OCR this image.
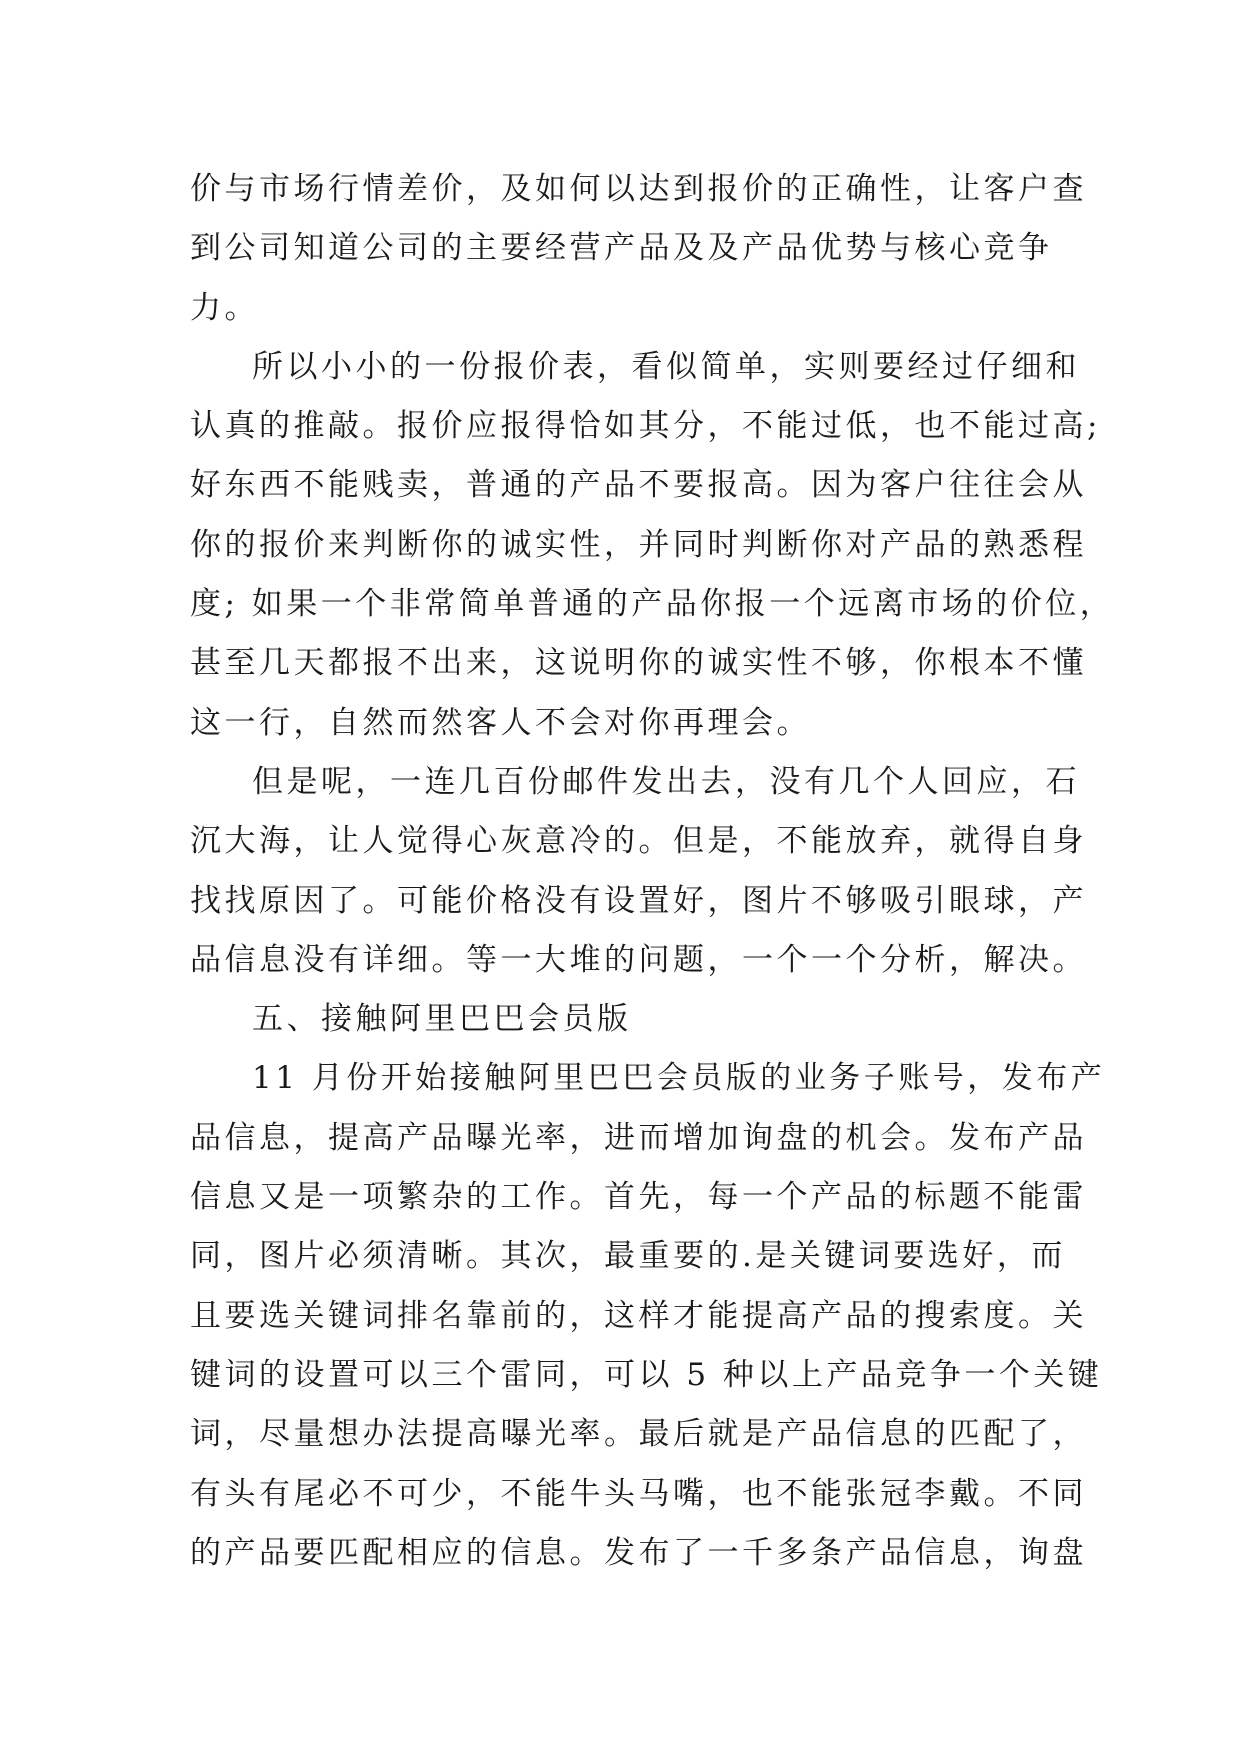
价与市场行情差价，及如何以达到报价的正确性，让客户查
到公司知道公司的主要经营产品及及产品优势与核心竞争
力。
所以小小的一份报价表，看似简单，实则要经过仔细和
认真的推敲。报价应报得恰如其分，不能过低，也不能过高;
好东西不能贱卖，普通的产品不要报高。因为客户往往会从
你的报价来判断你的诚实性，并同时判断你对产品的熟悉程
度; 如果一个非常简单普通的产品你报一个远离市场的价位，
甚至几天都报不出来，这说明你的诚实性不够，你根本不懂
这一行，自然而然客人不会对你再理会。
但是呢，一连几百份邮件发出去，没有几个人回应，石
沉大海，让人觉得心灰意冷的。但是，不能放弃，就得自身
找找原因了。可能价格没有设置好，图片不够吸引眼球，产
品信息没有详细。等一大堆的问题，一个一个分析，解决。
五、接触阿里巴巴会员版
11 月份开始接触阿里巴巴会员版的业务子账号，发布产
品信息，提高产品曝光率，进而增加询盘的机会。发布产品
信息又是一项繁杂的工作。首先，每一个产品的标题不能雷
同，图片必须清晰。其次，最重要的.是关键词要选好，而
且要选关键词排名靠前的，这样才能提高产品的搜索度。关
键词的设置可以三个雷同，可以 5 种以上产品竞争一个关键
词，尽量想办法提高曝光率。最后就是产品信息的匹配了，
有头有尾必不可少，不能牛头马嘴，也不能张冠李戴。不同
的产品要匹配相应的信息。发布了一千多条产品信息，询盘
